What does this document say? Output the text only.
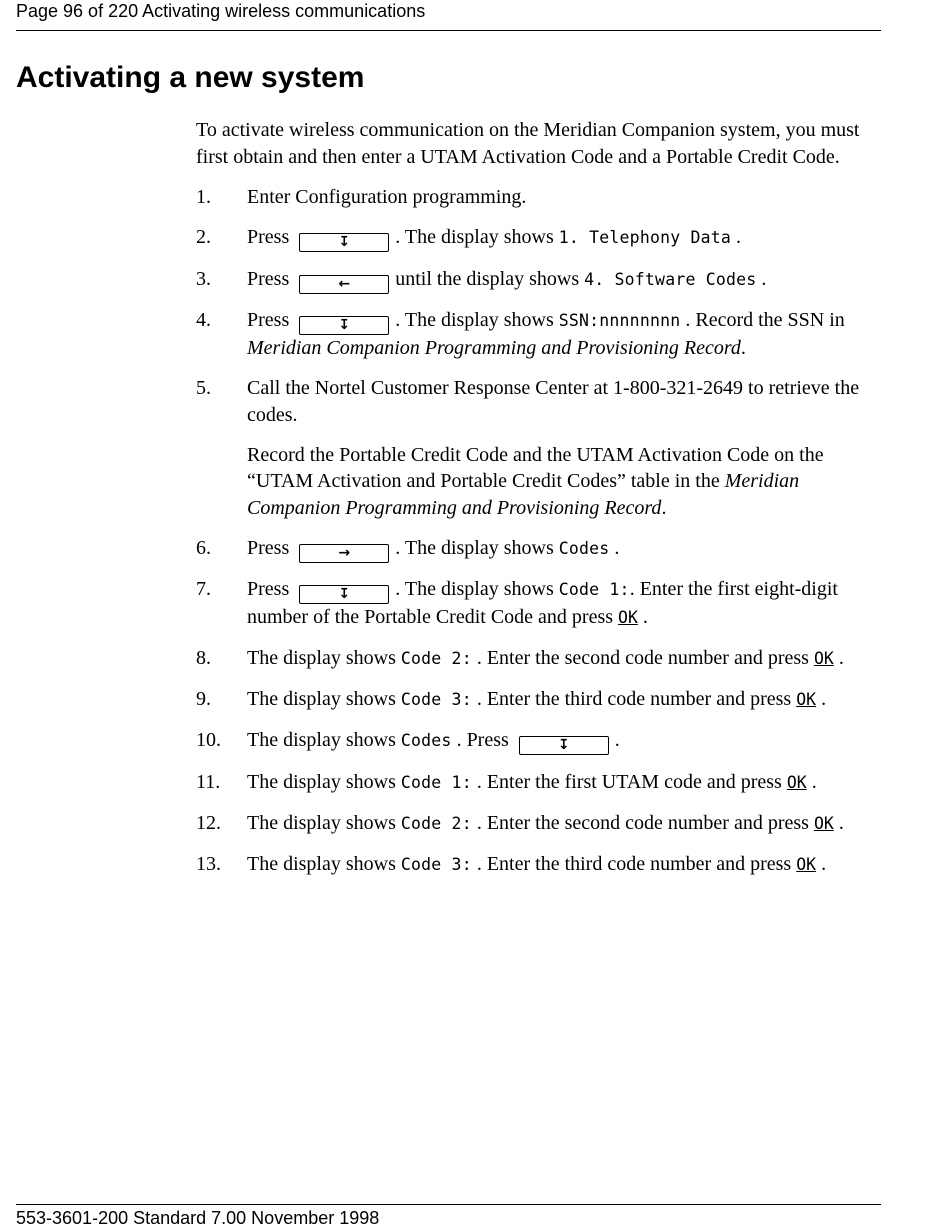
Page 96 of 220 Activating wireless communications
Activating a new system

To activate wireless communication on the Meridian Companion system, you must first obtain and then enter a UTAM Activation Code and a Portable Credit Code.

1. Enter Configuration programming.
2. Press	↧ . The display shows 1. Telephony Data .
3. Press	← until the display shows 4. Software Codes .
4. Press	↧ . The display shows SSN:nnnnnnnn . Record the SSN in Meridian Companion Programming and Provisioning Record.
5. Call the Nortel Customer Response Center at 1-800-321-2649 to retrieve the codes.

Record the Portable Credit Code and the UTAM Activation Code on the “UTAM Activation and Portable Credit Codes” table in the Meridian Companion Programming and Provisioning Record.

6. Press	→ . The display shows Codes .
7. Press	↧ . The display shows Code 1:. Enter the first eight-digit number of the Portable Credit Code and press OK .
8. The display shows Code 2: . Enter the second code number and press OK .
9. The display shows Code 3: . Enter the third code number and press OK .
10. The display shows Codes . Press	↧ .
11. The display shows Code 1: . Enter the first UTAM code and press OK .
12. The display shows Code 2: . Enter the second code number and press OK .
13. The display shows Code 3: . Enter the third code number and press OK .
553-3601-200 Standard 7.00 November 1998
